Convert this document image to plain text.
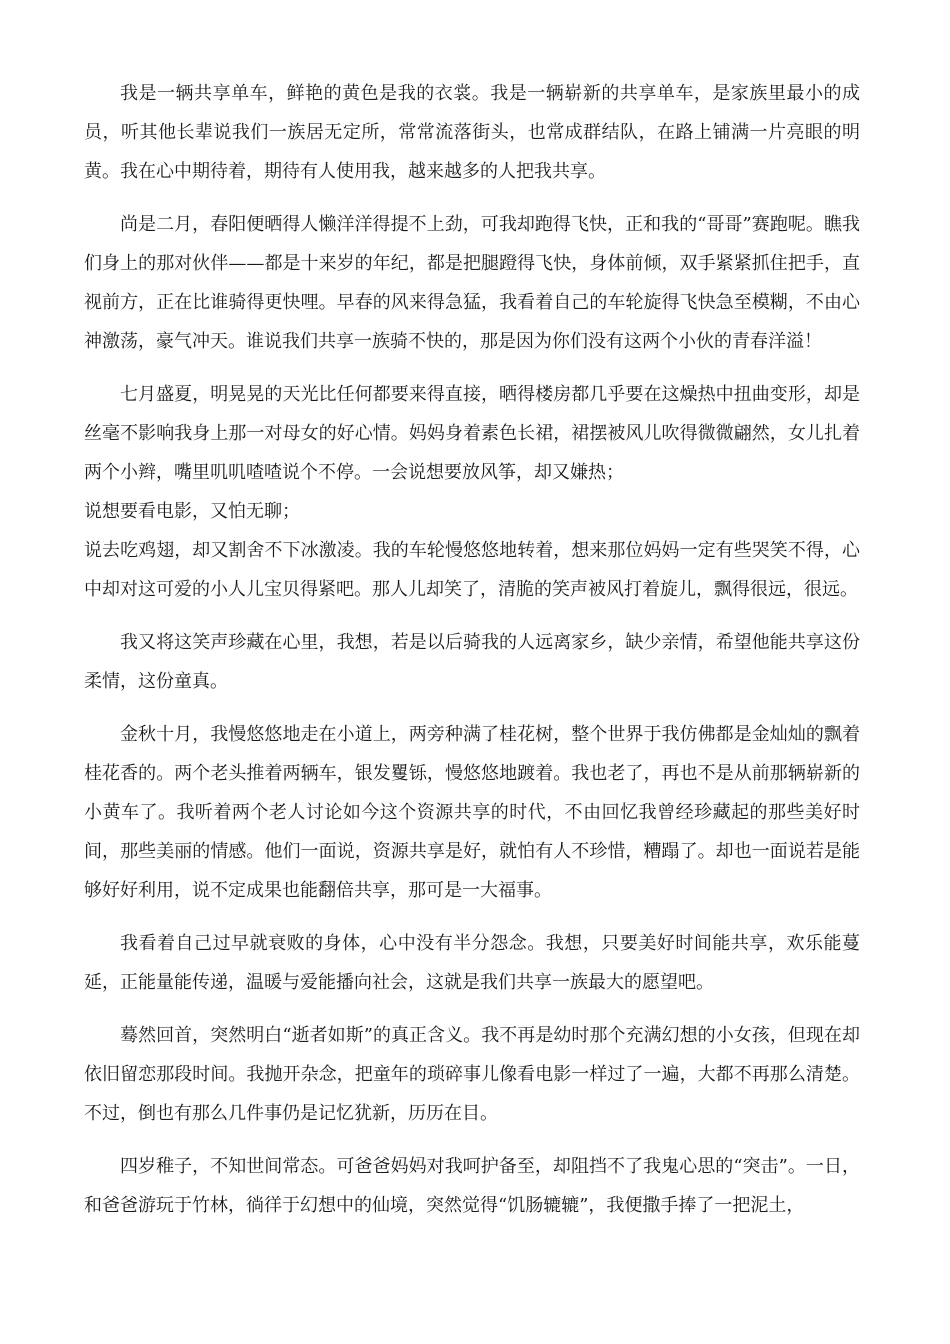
我是一辆共享单车，鲜艳的黄色是我的衣裳。我是一辆崭新的共享单车，是家族里最小的成员，听其他长辈说我们一族居无定所，常常流落街头，也常成群结队，在路上铺满一片亮眼的明黄。我在心中期待着，期待有人使用我，越来越多的人把我共享。

尚是二月，春阳便晒得人懒洋洋得提不上劲，可我却跑得飞快，正和我的“哥哥”赛跑呢。瞧我们身上的那对伙伴——都是十来岁的年纪，都是把腿蹬得飞快，身体前倾，双手紧紧抓住把手，直视前方，正在比谁骑得更快哩。早春的风来得急猛，我看着自己的车轮旋得飞快急至模糊，不由心神激荡，豪气冲天。谁说我们共享一族骑不快的，那是因为你们没有这两个小伙的青春洋溢！

七月盛夏，明晃晃的天光比任何都要来得直接，晒得楼房都几乎要在这燥热中扭曲变形，却是丝毫不影响我身上那一对母女的好心情。妈妈身着素色长裙，裙摆被风儿吹得微微翩然，女儿扎着两个小辫，嘴里叽叽喳喳说个不停。一会说想要放风筝，却又嫌热；

说想要看电影，又怕无聊；

说去吃鸡翅，却又割舍不下冰激凌。我的车轮慢悠悠地转着，想来那位妈妈一定有些哭笑不得，心中却对这可爱的小人儿宝贝得紧吧。那人儿却笑了，清脆的笑声被风打着旋儿，飘得很远，很远。

我又将这笑声珍藏在心里，我想，若是以后骑我的人远离家乡，缺少亲情，希望他能共享这份柔情，这份童真。

金秋十月，我慢悠悠地走在小道上，两旁种满了桂花树，整个世界于我仿佛都是金灿灿的飘着桂花香的。两个老头推着两辆车，银发矍铄，慢悠悠地踱着。我也老了，再也不是从前那辆崭新的小黄车了。我听着两个老人讨论如今这个资源共享的时代，不由回忆我曾经珍藏起的那些美好时间，那些美丽的情感。他们一面说，资源共享是好，就怕有人不珍惜，糟蹋了。却也一面说若是能够好好利用，说不定成果也能翻倍共享，那可是一大福事。

我看着自己过早就衰败的身体，心中没有半分怨念。我想，只要美好时间能共享，欢乐能蔓延，正能量能传递，温暖与爱能播向社会，这就是我们共享一族最大的愿望吧。

蓦然回首，突然明白“逝者如斯”的真正含义。我不再是幼时那个充满幻想的小女孩，但现在却依旧留恋那段时间。我抛开杂念，把童年的琐碎事儿像看电影一样过了一遍，大都不再那么清楚。不过，倒也有那么几件事仍是记忆犹新，历历在目。

四岁稚子，不知世间常态。可爸爸妈妈对我呵护备至，却阻挡不了我鬼心思的“突击”。一日，和爸爸游玩于竹林，徜徉于幻想中的仙境，突然觉得“饥肠辘辘”，我便撒手捧了一把泥土，
